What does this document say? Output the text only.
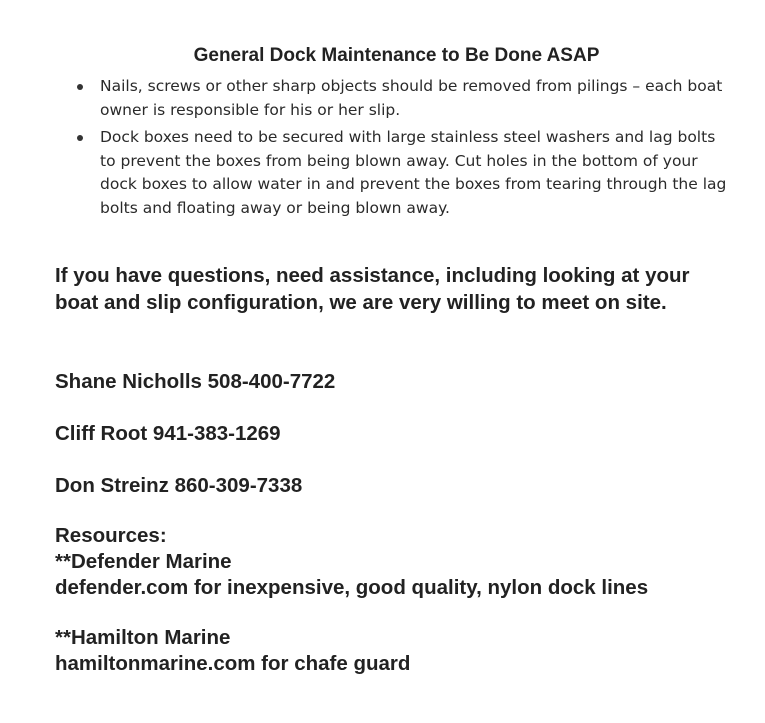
General Dock Maintenance to Be Done ASAP
Nails, screws or other sharp objects should be removed from pilings – each boat owner is responsible for his or her slip.
Dock boxes need to be secured with large stainless steel washers and lag bolts to prevent the boxes from being blown away. Cut holes in the bottom of your dock boxes to allow water in and prevent the boxes from tearing through the lag bolts and floating away or being blown away.

If you have questions, need assistance, including looking at your boat and slip configuration, we are very willing to meet on site.

Shane Nicholls 508-400-7722

Cliff Root 941-383-1269

Don Streinz 860-309-7338

Resources:
**Defender Marine
defender.com for inexpensive, good quality, nylon dock lines
**Hamilton Marine
hamiltonmarine.com for chafe guard
